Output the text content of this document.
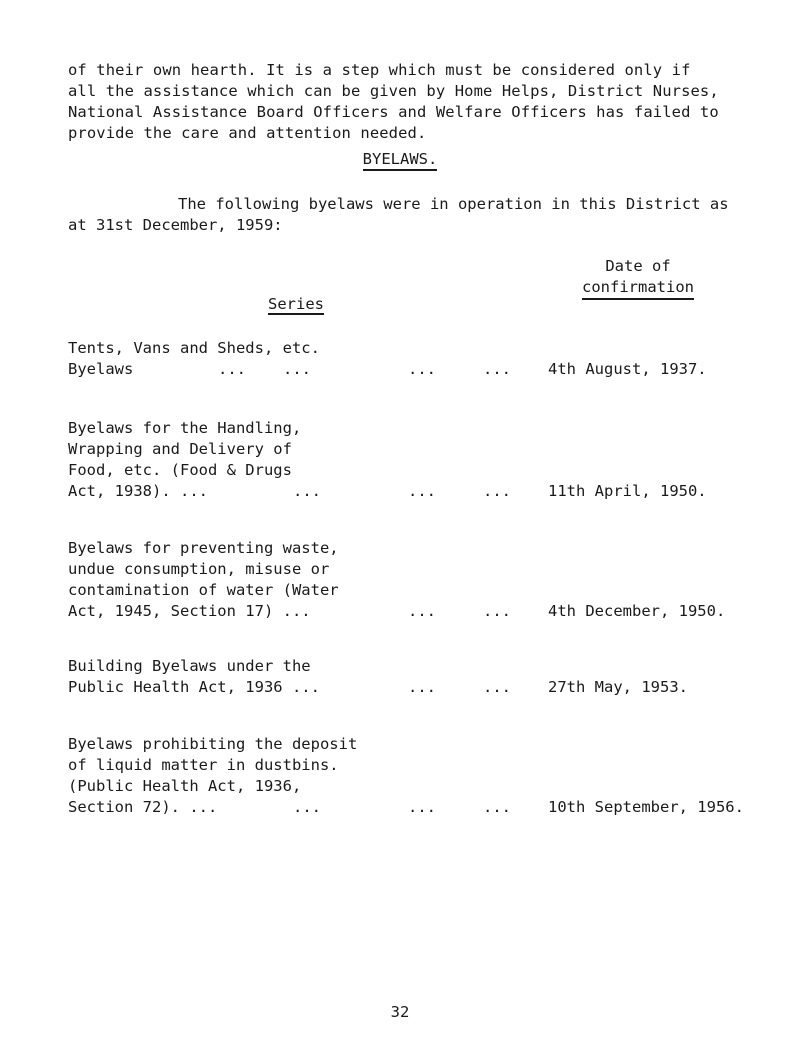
of their own hearth. It is a step which must be considered only if
all the assistance which can be given by Home Helps, District Nurses,
National Assistance Board Officers and Welfare Officers has failed to
provide the care and attention needed.

BYELAWS.

The following byelaws were in operation in this District as
at 31st December, 1959:

Date of
confirmation
Series
Tents, Vans and Sheds, etc.
Byelaws	... ...	...	... 4th August, 1937.
Byelaws for the Handling,
Wrapping and Delivery of
Food, etc. (Food & Drugs
Act, 1938). ...	...	...	... 11th April, 1950.
Byelaws for preventing waste,
undue consumption, misuse or
contamination of water (Water
Act, 1945, Section 17) ...	...	... 4th December, 1950.
Building Byelaws under the
Public Health Act, 1936 ...	...	... 27th May, 1953.
Byelaws prohibiting the deposit
of liquid matter in dustbins.
(Public Health Act, 1936,
Section 72). ...	...	...	... 10th September, 1956.
32
